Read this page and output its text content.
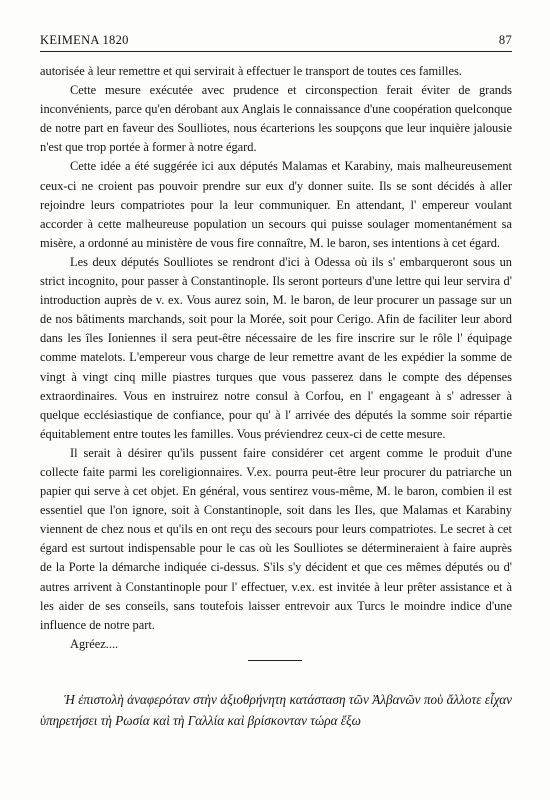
KEIMENA 1820	87

autorisée à leur remettre et qui servirait à effectuer le transport de toutes ces familles.

Cette mesure exécutée avec prudence et circonspection ferait éviter de grands inconvénients, parce qu'en dérobant aux Anglais le connaissance d'une coopération quelconque de notre part en faveur des Soulliotes, nous écarterions les soupçons que leur inquière jalousie n'est que trop portée à former à notre égard.

Cette idée a été suggérée ici aux députés Malamas et Karabiny, mais malheureusement ceux-ci ne croient pas pouvoir prendre sur eux d'y donner suite. Ils se sont décidés à aller rejoindre leurs compatriotes pour la leur communiquer. En attendant, l' empereur voulant accorder à cette malheureuse population un secours qui puisse soulager momentanément sa misère, a ordonné au ministère de vous fire connaître, M. le baron, ses intentions à cet égard.

Les deux députés Soulliotes se rendront d'ici à Odessa où ils s' embarqueront sous un strict incognito, pour passer à Constantinople. Ils seront porteurs d'une lettre qui leur servira d' introduction auprès de v. ex. Vous aurez soin, M. le baron, de leur procurer un passage sur un de nos bâtiments marchands, soit pour la Morée, soit pour Cerigo. Afin de faciliter leur abord dans les îles Ioniennes il sera peut-être nécessaire de les fire inscrire sur le rôle l' équipage comme matelots. L'empereur vous charge de leur remettre avant de les expédier la somme de vingt à vingt cinq mille piastres turques que vous passerez dans le compte des dépenses extraordinaires. Vous en instruirez notre consul à Corfou, en l' engageant à s' adresser à quelque ecclésiastique de confiance, pour qu' à l' arrivée des députés la somme soir répartie équitablement entre toutes les familles. Vous préviendrez ceux-ci de cette mesure.

Il serait à désirer qu'ils pussent faire considérer cet argent comme le produit d'une collecte faite parmi les coreligionnaires. V.ex. pourra peut-être leur procurer du patriarche un papier qui serve à cet objet. En général, vous sentirez vous-même, M. le baron, combien il est essentiel que l'on ignore, soit à Constantinople, soit dans les Iles, que Malamas et Karabiny viennent de chez nous et qu'ils en ont reçu des secours pour leurs compatriotes. Le secret à cet égard est surtout indispensable pour le cas où les Soulliotes se détermineraient à faire auprès de la Porte la démarche indiquée ci-dessus. S'ils s'y décident et que ces mêmes députés ou d' autres arrivent à Constantinople pour l' effectuer, v.ex. est invitée à leur prêter assistance et à les aider de ses conseils, sans toutefois laisser entrevoir aux Turcs le moindre indice d'une influence de notre part.

Agréez....

Ἡ ἐπιστολὴ ἀναφερόταν στὴν ἀξιοθρήνητη κατάσταση τῶν Ἀλβανῶν ποὺ ἄλλοτε εἶχαν ὑπηρετήσει τὴ Ρωσία καὶ τὴ Γαλλία καὶ βρίσκονταν τώρα ἔξω
